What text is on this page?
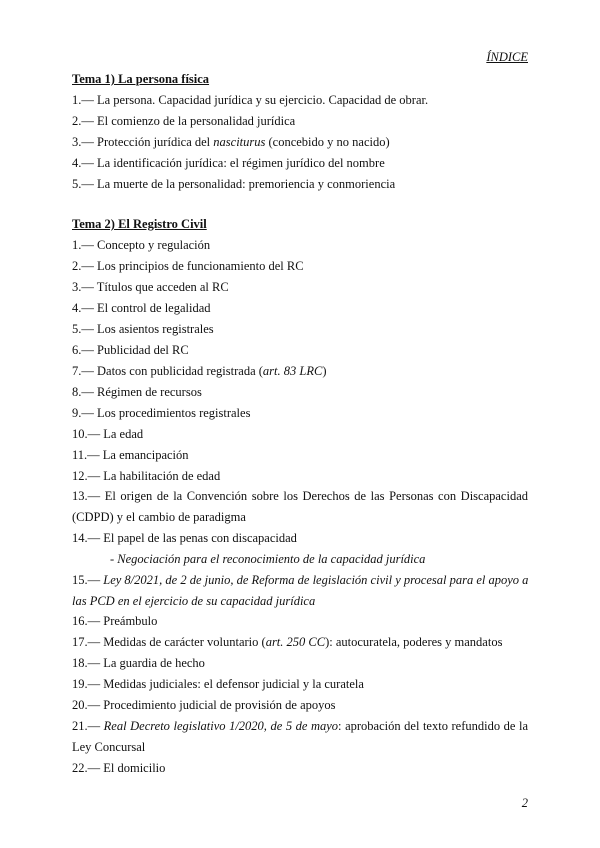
ÍNDICE
Tema 1) La persona física
1.— La persona. Capacidad jurídica y su ejercicio. Capacidad de obrar.
2.— El comienzo de la personalidad jurídica
3.— Protección jurídica del nasciturus (concebido y no nacido)
4.— La identificación jurídica: el régimen jurídico del nombre
5.— La muerte de la personalidad: premoriencia y conmoriencia
Tema 2) El Registro Civil
1.— Concepto y regulación
2.— Los principios de funcionamiento del RC
3.— Títulos que acceden al RC
4.— El control de legalidad
5.— Los asientos registrales
6.— Publicidad del RC
7.— Datos con publicidad registrada (art. 83 LRC)
8.— Régimen de recursos
9.— Los procedimientos registrales
10.— La edad
11.— La emancipación
12.— La habilitación de edad
13.— El origen de la Convención sobre los Derechos de las Personas con Discapacidad
(CDPD) y el cambio de paradigma
14.— El papel de las penas con discapacidad
- Negociación para el reconocimiento de la capacidad jurídica
15.— Ley 8/2021, de 2 de junio, de Reforma de legislación civil y procesal para el apoyo a
las PCD en el ejercicio de su capacidad jurídica
16.— Preámbulo
17.— Medidas de carácter voluntario (art. 250 CC): autocuratela, poderes y mandatos
18.— La guardia de hecho
19.— Medidas judiciales: el defensor judicial y la curatela
20.— Procedimiento judicial de provisión de apoyos
21.— Real Decreto legislativo 1/2020, de 5 de mayo: aprobación del texto refundido de la
Ley Concursal
22.— El domicilio
2
